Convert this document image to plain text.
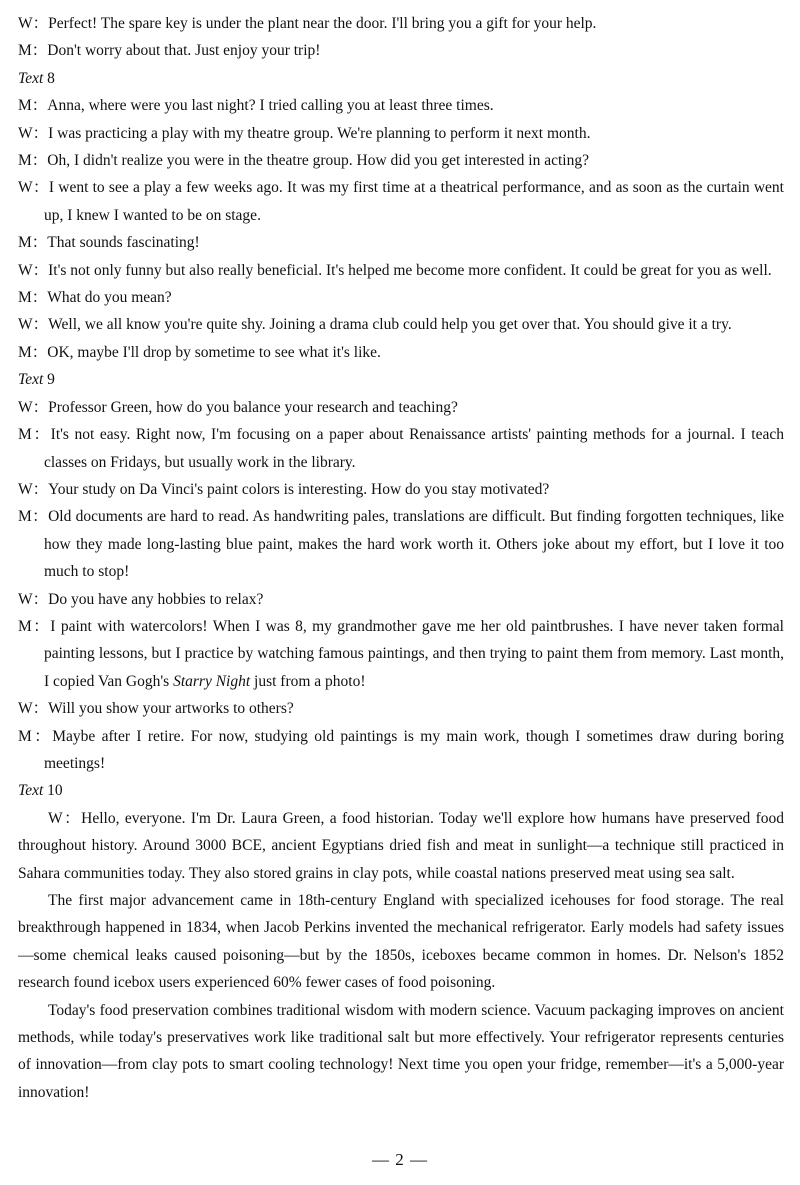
W：Perfect! The spare key is under the plant near the door. I'll bring you a gift for your help.

M：Don't worry about that. Just enjoy your trip!

Text 8

M：Anna, where were you last night? I tried calling you at least three times.

W：I was practicing a play with my theatre group. We're planning to perform it next month.

M：Oh, I didn't realize you were in the theatre group. How did you get interested in acting?

W：I went to see a play a few weeks ago. It was my first time at a theatrical performance, and as soon as the curtain went up, I knew I wanted to be on stage.

M：That sounds fascinating!

W：It's not only funny but also really beneficial. It's helped me become more confident. It could be great for you as well.

M：What do you mean?

W：Well, we all know you're quite shy. Joining a drama club could help you get over that. You should give it a try.

M：OK, maybe I'll drop by sometime to see what it's like.

Text 9

W：Professor Green, how do you balance your research and teaching?

M：It's not easy. Right now, I'm focusing on a paper about Renaissance artists' painting methods for a journal. I teach classes on Fridays, but usually work in the library.

W：Your study on Da Vinci's paint colors is interesting. How do you stay motivated?

M：Old documents are hard to read. As handwriting pales, translations are difficult. But finding forgotten techniques, like how they made long-lasting blue paint, makes the hard work worth it. Others joke about my effort, but I love it too much to stop!

W：Do you have any hobbies to relax?

M：I paint with watercolors! When I was 8, my grandmother gave me her old paintbrushes. I have never taken formal painting lessons, but I practice by watching famous paintings, and then trying to paint them from memory. Last month, I copied Van Gogh's Starry Night just from a photo!

W：Will you show your artworks to others?

M：Maybe after I retire. For now, studying old paintings is my main work, though I sometimes draw during boring meetings!

Text 10

W：Hello, everyone. I'm Dr. Laura Green, a food historian. Today we'll explore how humans have preserved food throughout history. Around 3000 BCE, ancient Egyptians dried fish and meat in sunlight—a technique still practiced in Sahara communities today. They also stored grains in clay pots, while coastal nations preserved meat using sea salt.

The first major advancement came in 18th-century England with specialized icehouses for food storage. The real breakthrough happened in 1834, when Jacob Perkins invented the mechanical refrigerator. Early models had safety issues—some chemical leaks caused poisoning—but by the 1850s, iceboxes became common in homes. Dr. Nelson's 1852 research found icebox users experienced 60% fewer cases of food poisoning.

Today's food preservation combines traditional wisdom with modern science. Vacuum packaging improves on ancient methods, while today's preservatives work like traditional salt but more effectively. Your refrigerator represents centuries of innovation—from clay pots to smart cooling technology! Next time you open your fridge, remember—it's a 5,000-year innovation!

— 2 —
